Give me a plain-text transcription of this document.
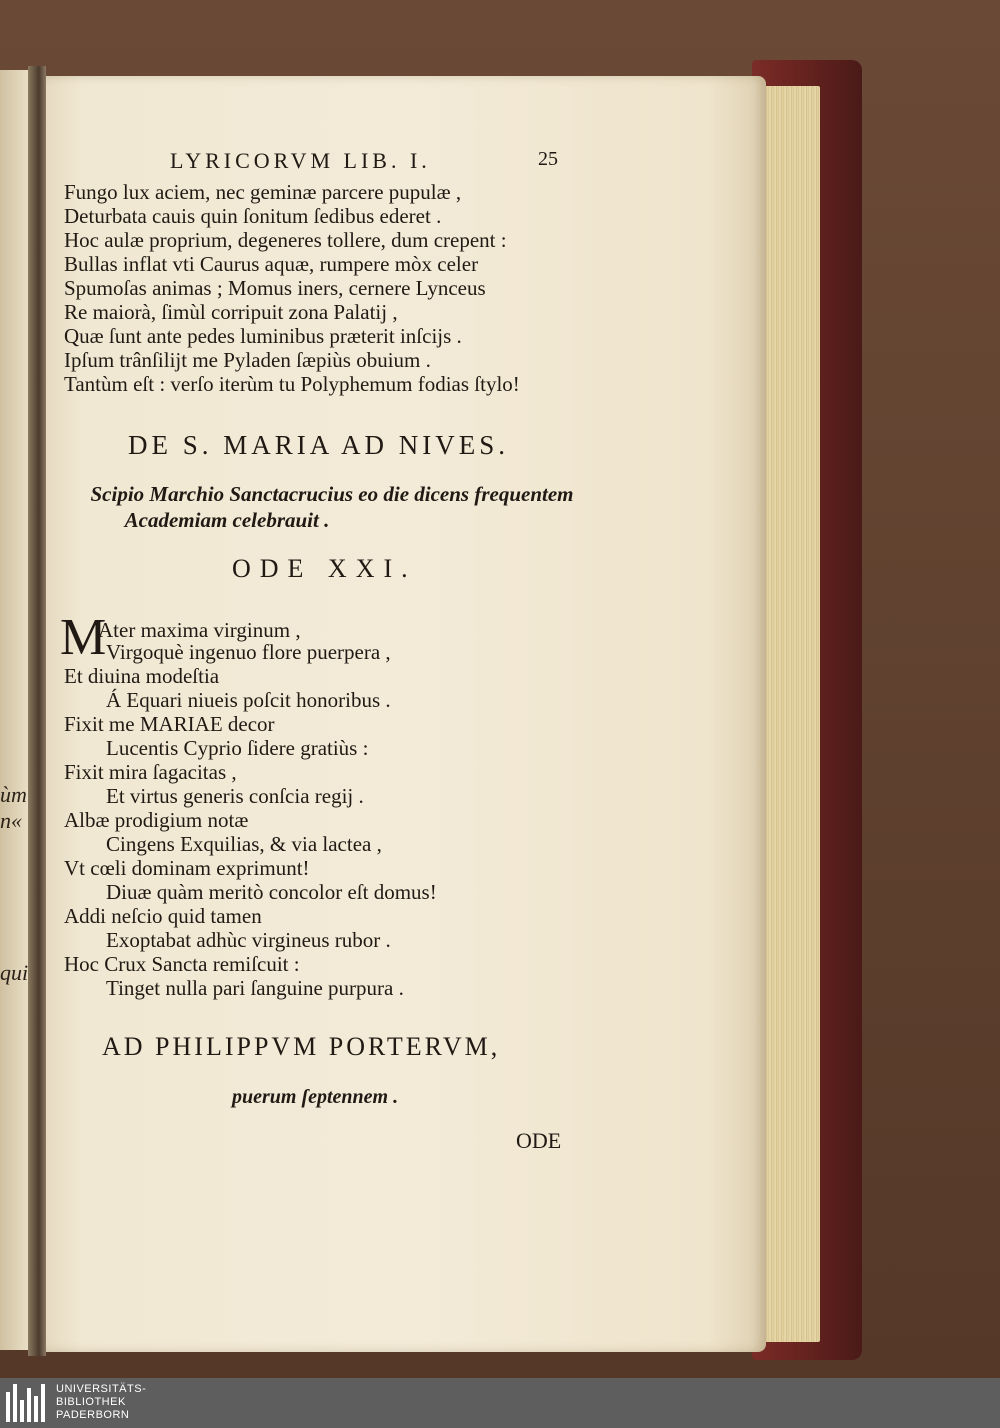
ùm
n«
qui
LYRICORVM LIB. I.	25
Fungo lux aciem, nec geminæ parcere pupulæ ,
Deturbata cauis quin ſonitum ſedibus ederet .
Hoc aulæ proprium, degeneres tollere, dum crepent :
Bullas inflat vti Caurus aquæ, rumpere mòx celer
Spumoſas animas ; Momus iners, cernere Lynceus
Re maiorà, ſimùl corripuit zona Palatij ,
Quæ ſunt ante pedes luminibus præterit inſcijs .
Ipſum trânſilijt me Pyladen ſæpiùs obuium .
Tantùm eſt : verſo iterùm tu Polyphemum fodias ſtylo!
DE S. MARIA AD NIVES.
Scipio Marchio Sanctacrucius eo die dicens frequentem
Academiam celebrauit .
ODE XXI.
M
Ater maxima virginum ,
Virgoquè ingenuo flore puerpera ,
Et diuina modeſtia
Á Equari niueis poſcit honoribus .
Fixit me MARIAE decor
Lucentis Cyprio ſidere gratiùs :
Fixit mira ſagacitas ,
Et virtus generis conſcia regij .
Albæ prodigium notæ
Cingens Exquilias, & via lactea ,
Vt cœli dominam exprimunt!
Diuæ quàm meritò concolor eſt domus!
Addi neſcio quid tamen
Exoptabat adhùc virgineus rubor .
Hoc Crux Sancta remiſcuit :
Tinget nulla pari ſanguine purpura .
AD PHILIPPVM PORTERVM,
puerum ſeptennem .
ODE
UNIVERSITÄTS-
BIBLIOTHEK
PADERBORN
